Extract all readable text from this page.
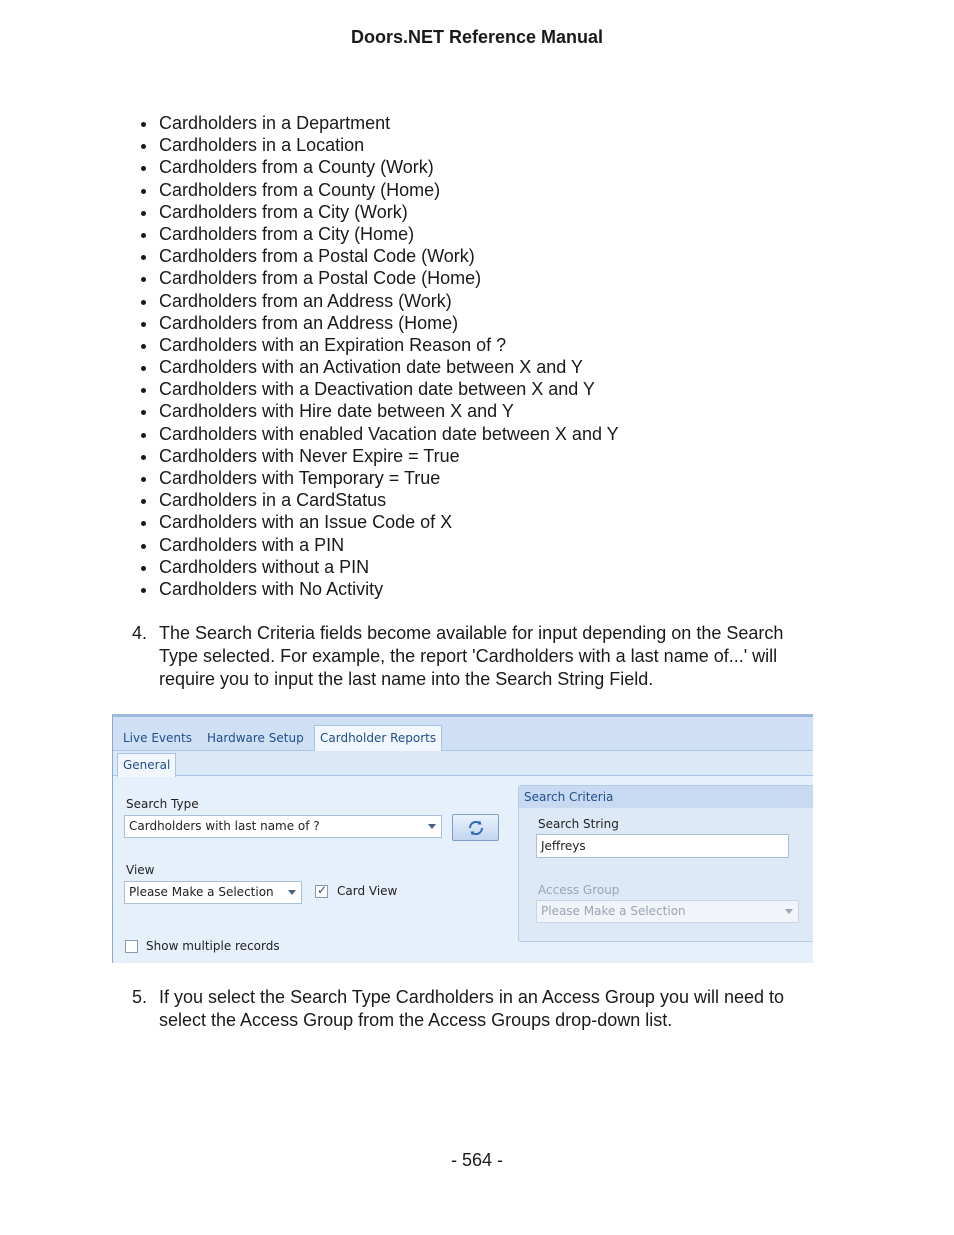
Doors.NET Reference Manual
Cardholders in a Department
Cardholders in a Location
Cardholders from a County (Work)
Cardholders from a County (Home)
Cardholders from a City (Work)
Cardholders from a City (Home)
Cardholders from a Postal Code (Work)
Cardholders from a Postal Code (Home)
Cardholders from an Address (Work)
Cardholders from an Address (Home)
Cardholders with an Expiration Reason of ?
Cardholders with an Activation date between X and Y
Cardholders with a Deactivation date between X and Y
Cardholders with Hire date between X and Y
Cardholders with enabled Vacation date between X and Y
Cardholders with Never Expire = True
Cardholders with Temporary = True
Cardholders in a CardStatus
Cardholders with an Issue Code of X
Cardholders with a PIN
Cardholders without a PIN
Cardholders with No Activity
4. The Search Criteria fields become available for input depending on the Search Type selected. For example, the report 'Cardholders with a last name of...' will require you to input the last name into the Search String Field.
Live Events Hardware Setup	Cardholder Reports
General
Search Type
Cardholders with last name of ?
View
Please Make a Selection	✓ Card View
Show multiple records
Search Criteria
Search String
Jeffreys
Access Group
Please Make a Selection
5. If you select the Search Type Cardholders in an Access Group you will need to select the Access Group from the Access Groups drop-down list.
- 564 -
